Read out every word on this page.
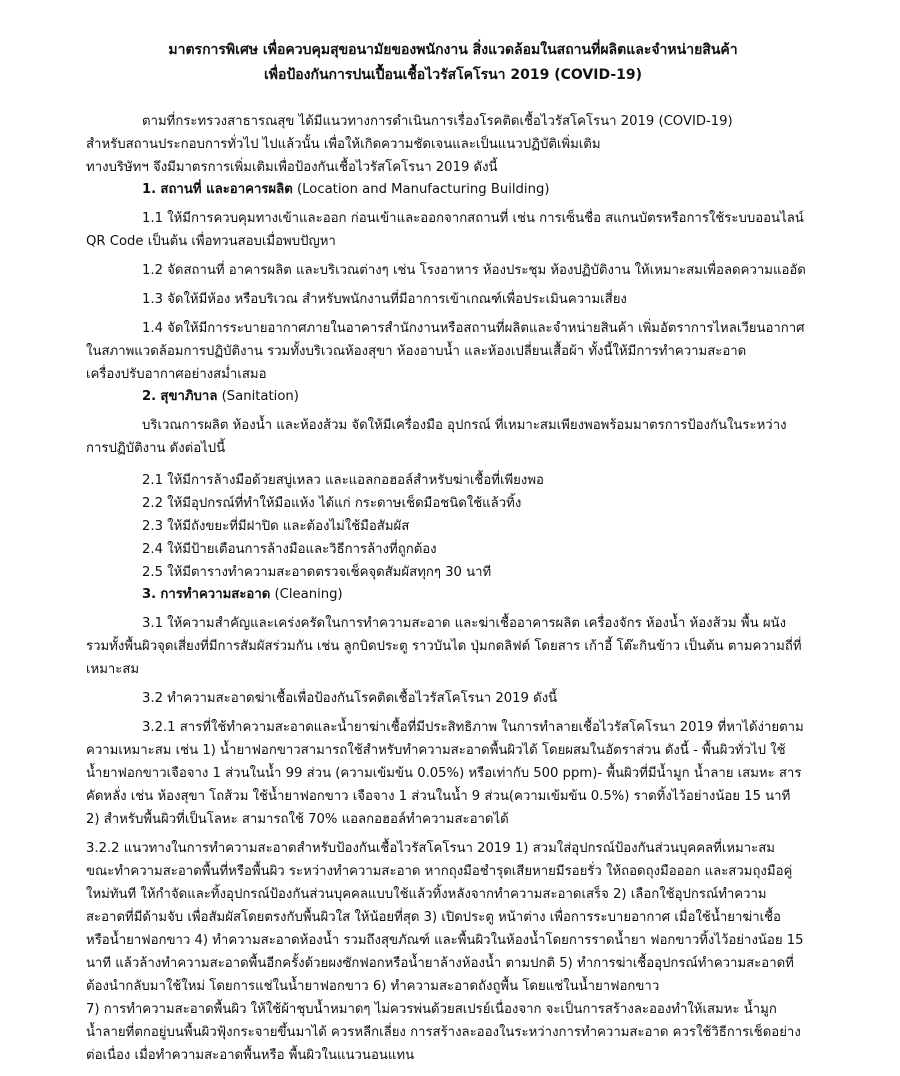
มาตรการพิเศษ เพื่อควบคุมสุขอนามัยของพนักงาน สิ่งแวดล้อมในสถานที่ผลิตและจำหน่ายสินค้า
เพื่อป้องกันการปนเปื้อนเชื้อไวรัสโคโรนา 2019 (COVID-19)

ตามที่กระทรวงสาธารณสุข ได้มีแนวทางการดำเนินการเรื่องโรคติดเชื้อไวรัสโคโรนา 2019 (COVID-19)

สำหรับสถานประกอบการทั่วไป ไปแล้วนั้น เพื่อให้เกิดความชัดเจนและเป็นแนวปฏิบัติเพิ่มเติม

ทางบริษัทฯ จึงมีมาตรการเพิ่มเติมเพื่อป้องกันเชื้อไวรัสโคโรนา 2019 ดังนี้

1. สถานที่ และอาคารผลิต (Location and Manufacturing Building)

1.1 ให้มีการควบคุมทางเข้าและออก ก่อนเข้าและออกจากสถานที่ เช่น การเซ็นชื่อ สแกนบัตรหรือการใช้ระบบออนไลน์

QR Code เป็นต้น เพื่อทวนสอบเมื่อพบปัญหา

1.2 จัดสถานที่ อาคารผลิต และบริเวณต่างๆ เช่น โรงอาหาร ห้องประชุม ห้องปฏิบัติงาน ให้เหมาะสมเพื่อลดความแออัด

1.3 จัดให้มีห้อง หรือบริเวณ สำหรับพนักงานที่มีอาการเข้าเกณฑ์เพื่อประเมินความเสี่ยง

1.4 จัดให้มีการระบายอากาศภายในอาคารสำนักงานหรือสถานที่ผลิตและจำหน่ายสินค้า เพิ่มอัตราการไหลเวียนอากาศ

ในสภาพแวดล้อมการปฏิบัติงาน รวมทั้งบริเวณห้องสุขา ห้องอาบน้ำ และห้องเปลี่ยนเสื้อผ้า ทั้งนี้ให้มีการทำความสะอาด

เครื่องปรับอากาศอย่างสม่ำเสมอ

2. สุขาภิบาล (Sanitation)

บริเวณการผลิต ห้องน้ำ และห้องส้วม จัดให้มีเครื่องมือ อุปกรณ์ ที่เหมาะสมเพียงพอพร้อมมาตรการป้องกันในระหว่าง

การปฏิบัติงาน ดังต่อไปนี้

2.1 ให้มีการล้างมือด้วยสบู่เหลว และแอลกอฮอล์สำหรับฆ่าเชื้อที่เพียงพอ

2.2 ให้มีอุปกรณ์ที่ทำให้มือแห้ง ได้แก่ กระดาษเช็ดมือชนิดใช้แล้วทิ้ง

2.3 ให้มีถังขยะที่มีฝาปิด และต้องไม่ใช้มือสัมผัส

2.4 ให้มีป้ายเตือนการล้างมือและวิธีการล้างที่ถูกต้อง

2.5 ให้มีตารางทำความสะอาดตรวจเช็คจุดสัมผัสทุกๆ 30 นาที

3. การทำความสะอาด (Cleaning)

3.1 ให้ความสำคัญและเคร่งครัดในการทำความสะอาด และฆ่าเชื้ออาคารผลิต เครื่องจักร ห้องน้ำ ห้องส้วม พื้น ผนัง

รวมทั้งพื้นผิวจุดเสี่ยงที่มีการสัมผัสร่วมกัน เช่น ลูกบิดประตู ราวบันได ปุ่มกดลิฟต์ โดยสาร เก้าอี้ โต๊ะกินข้าว เป็นต้น ตามความถี่ที่

เหมาะสม

3.2 ทำความสะอาดฆ่าเชื้อเพื่อป้องกันโรคติดเชื้อไวรัสโคโรนา 2019 ดังนี้

3.2.1 สารที่ใช้ทำความสะอาดและน้ำยาฆ่าเชื้อที่มีประสิทธิภาพ ในการทำลายเชื้อไวรัสโคโรนา 2019 ที่หาได้ง่ายตาม

ความเหมาะสม เช่น 1) น้ำยาฟอกขาวสามารถใช้สำหรับทำความสะอาดพื้นผิวได้ โดยผสมในอัตราส่วน ดังนี้ - พื้นผิวทั่วไป ใช้

น้ำยาฟอกขาวเจือจาง 1 ส่วนในน้ำ 99 ส่วน (ความเข้มข้น 0.05%) หรือเท่ากับ 500 ppm)- พื้นผิวที่มีน้ำมูก น้ำลาย เสมหะ สาร

คัดหลั่ง เช่น ห้องสุขา โถส้วม ใช้น้ำยาฟอกขาว เจือจาง 1 ส่วนในน้ำ 9 ส่วน(ความเข้มข้น 0.5%) ราดทิ้งไว้อย่างน้อย 15 นาที

2) สำหรับพื้นผิวที่เป็นโลหะ สามารถใช้ 70% แอลกอฮอล์ทำความสะอาดได้

3.2.2 แนวทางในการทำความสะอาดสำหรับป้องกันเชื้อไวรัสโคโรนา 2019 1) สวมใส่อุปกรณ์ป้องกันส่วนบุคคลที่เหมาะสม

ขณะทำความสะอาดพื้นที่หรือพื้นผิว ระหว่างทำความสะอาด หากถุงมือชำรุดเสียหายมีรอยรั่ว ให้ถอดถุงมือออก และสวมถุงมือคู่

ใหม่ทันที ให้กำจัดและทิ้งอุปกรณ์ป้องกันส่วนบุคคลแบบใช้แล้วทิ้งหลังจากทำความสะอาดเสร็จ 2) เลือกใช้อุปกรณ์ทำความ

สะอาดที่มีด้ามจับ เพื่อสัมผัสโดยตรงกับพื้นผิวใส ให้น้อยที่สุด 3) เปิดประตู หน้าต่าง เพื่อการระบายอากาศ เมื่อใช้น้ำยาฆ่าเชื้อ

หรือน้ำยาฟอกขาว 4) ทำความสะอาดห้องน้ำ รวมถึงสุขภัณฑ์ และพื้นผิวในห้องน้ำโดยการราดน้ำยา ฟอกขาวทิ้งไว้อย่างน้อย 15

นาที แล้วล้างทำความสะอาดพื้นอีกครั้งด้วยผงซักฟอกหรือน้ำยาล้างห้องน้ำ ตามปกติ 5) ทำการฆ่าเชื้ออุปกรณ์ทำความสะอาดที่

ต้องนำกลับมาใช้ใหม่ โดยการแช่ในน้ำยาฟอกขาว 6) ทำความสะอาดถังถูพื้น โดยแช่ในน้ำยาฟอกขาว

7) การทำความสะอาดพื้นผิว ให้ใช้ผ้าชุบน้ำหมาดๆ ไม่ควรพ่นด้วยสเปรย์เนื่องจาก จะเป็นการสร้างละอองทำให้เสมหะ น้ำมูก

น้ำลายที่ตกอยู่บนพื้นผิวฟุ้งกระจายขึ้นมาได้ ควรหลีกเลี่ยง การสร้างละอองในระหว่างการทำความสะอาด ควรใช้วิธีการเช็ดอย่าง

ต่อเนื่อง เมื่อทำความสะอาดพื้นหรือ พื้นผิวในแนวนอนแทน
